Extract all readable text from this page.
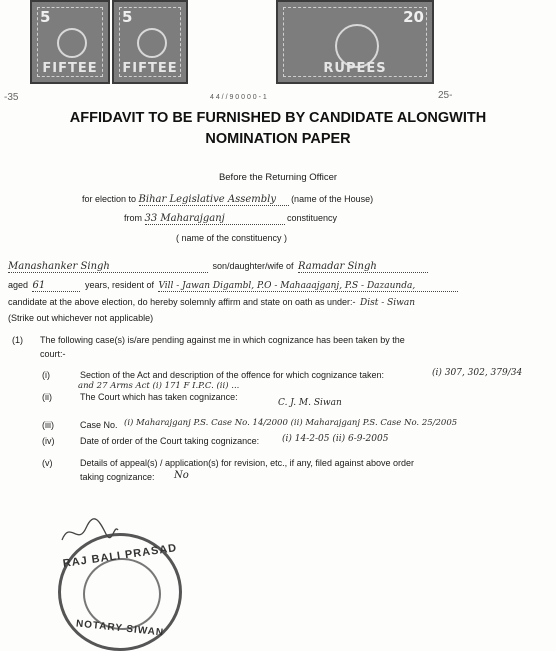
5
FIFTEE
5
FIFTEE
20
RUPEES
-35	25-
4 4 / / 9 0 0 0 0 - 1
AFFIDAVIT TO BE FURNISHED BY CANDIDATE ALONGWITH
NOMINATION PAPER
Before the Returning Officer
for election to Bihar Legislative Assembly (name of the House)
from 33 Maharajganj	constituency
( name of the constituency )
Manashanker Singh	son/daughter/wife of Ramadar Singh
aged 61	years, resident of Vill - Jawan Digambl, P.O - Mahaaajganj, P.S - Dazaunda,
candidate at the above election, do hereby solemnly affirm and state on oath as under:- Dist - Siwan
(Strike out whichever not applicable)
(1) The following case(s) is/are pending against me in which cognizance has been taken by the
court:-
(i)	Section of the Act and description of the offence for which cognizance taken:	(i) 307, 302, 379/34
and 27 Arms Act (i) 171 F I.P.C. (ii) ...
(ii)	The Court which has taken cognizance:
C. J. M. Siwan
(iii)	Case No. (i) Maharajganj P.S. Case No. 14/2000 (ii) Maharajganj P.S. Case No. 25/2005
(iv)	Date of order of the Court taking cognizance:	(i) 14-2-05 (ii) 6-9-2005
(v)	Details of appeal(s) / application(s) for revision, etc., if any, filed against above order
taking cognizance: No
RAJ BALI PRASAD
NOTARY SIWAN
